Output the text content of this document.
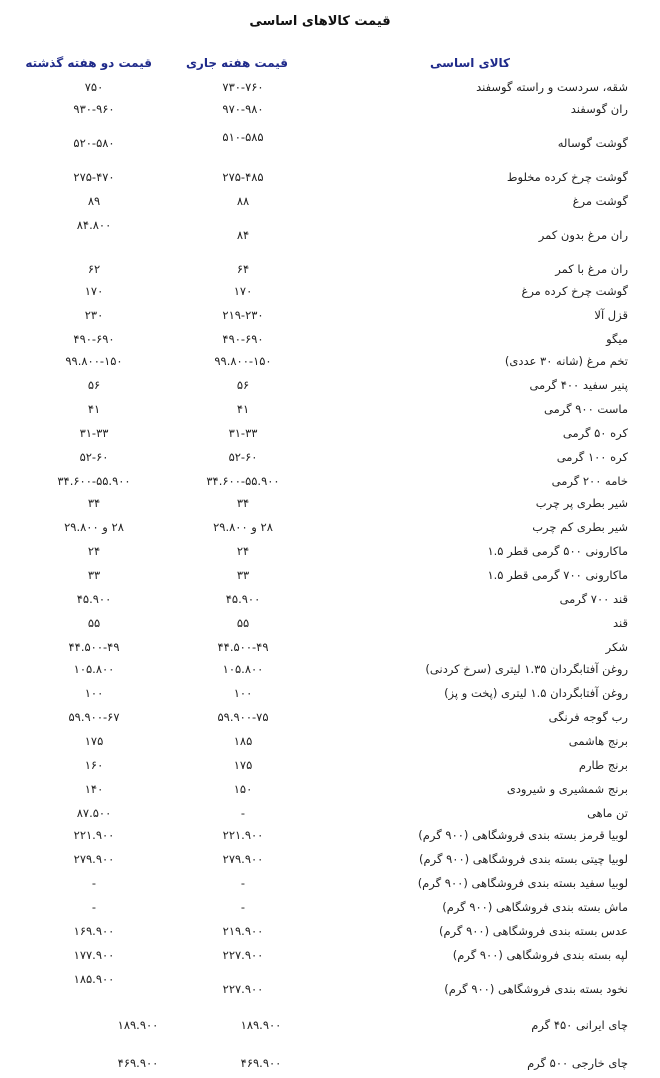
قیمت کالاهای اساسی
کالای اساسی
قیمت هفته جاری
قیمت دو هفته گذشته
شقه، سردست و راسته گوسفند
۷۳۰-۷۶۰
۷۵۰
ران گوسفند
۹۷۰-۹۸۰
۹۳۰-۹۶۰
گوشت گوساله
۵۱۰-۵۸۵
۵۲۰-۵۸۰
گوشت چرخ کرده مخلوط
۲۷۵-۴۸۵
۲۷۵-۴۷۰
گوشت مرغ
۸۸
۸۹
ران مرغ بدون کمر
۸۴
۸۴.۸۰۰
ران مرغ با کمر
۶۴
۶۲
گوشت چرخ کرده مرغ
۱۷۰
۱۷۰
قزل آلا
۲۱۹-۲۳۰
۲۳۰
میگو
۴۹۰-۶۹۰
۴۹۰-۶۹۰
تخم مرغ (شانه ۳۰ عددی)
۹۹.۸۰۰-۱۵۰
۹۹.۸۰۰-۱۵۰
پنیر سفید ۴۰۰ گرمی
۵۶
۵۶
ماست ۹۰۰ گرمی
۴۱
۴۱
کره ۵۰ گرمی
۳۱-۳۳
۳۱-۳۳
کره ۱۰۰ گرمی
۵۲-۶۰
۵۲-۶۰
خامه ۲۰۰ گرمی
۳۴.۶۰۰-۵۵.۹۰۰
۳۴.۶۰۰-۵۵.۹۰۰
شیر بطری پر چرب
۳۴
۳۴
شیر بطری کم چرب
۲۸ و ۲۹.۸۰۰
۲۸ و ۲۹.۸۰۰
ماکارونی ۵۰۰ گرمی قطر ۱.۵
۲۴
۲۴
ماکارونی ۷۰۰ گرمی قطر ۱.۵
۳۳
۳۳
قند ۷۰۰ گرمی
۴۵.۹۰۰
۴۵.۹۰۰
قند
۵۵
۵۵
شکر
۴۴.۵۰۰-۴۹
۴۴.۵۰۰-۴۹
روغن آفتابگردان ۱.۳۵ لیتری (سرخ کردنی)
۱۰۵.۸۰۰
۱۰۵.۸۰۰
روغن آفتابگردان ۱.۵ لیتری (پخت و پز)
۱۰۰
۱۰۰
رب گوجه فرنگی
۵۹.۹۰۰-۷۵
۵۹.۹۰۰-۶۷
برنج هاشمی
۱۸۵
۱۷۵
برنج طارم
۱۷۵
۱۶۰
برنج شمشیری و شیرودی
۱۵۰
۱۴۰
تن ماهی
-
۸۷.۵۰۰
لوبیا قرمز بسته بندی فروشگاهی (۹۰۰ گرم)
۲۲۱.۹۰۰
۲۲۱.۹۰۰
لوبیا چیتی بسته بندی فروشگاهی (۹۰۰ گرم)
۲۷۹.۹۰۰
۲۷۹.۹۰۰
لوبیا سفید بسته بندی فروشگاهی (۹۰۰ گرم)
-
-
ماش بسته بندی فروشگاهی (۹۰۰ گرم)
-
-
عدس بسته بندی فروشگاهی (۹۰۰ گرم)
۲۱۹.۹۰۰
۱۶۹.۹۰۰
لپه بسته بندی فروشگاهی (۹۰۰ گرم)
۲۲۷.۹۰۰
۱۷۷.۹۰۰
نخود بسته بندی فروشگاهی (۹۰۰ گرم)
۲۲۷.۹۰۰
۱۸۵.۹۰۰
چای ایرانی ۴۵۰ گرم
۱۸۹.۹۰۰
۱۸۹.۹۰۰
چای خارجی ۵۰۰ گرم
۴۶۹.۹۰۰
۴۶۹.۹۰۰
